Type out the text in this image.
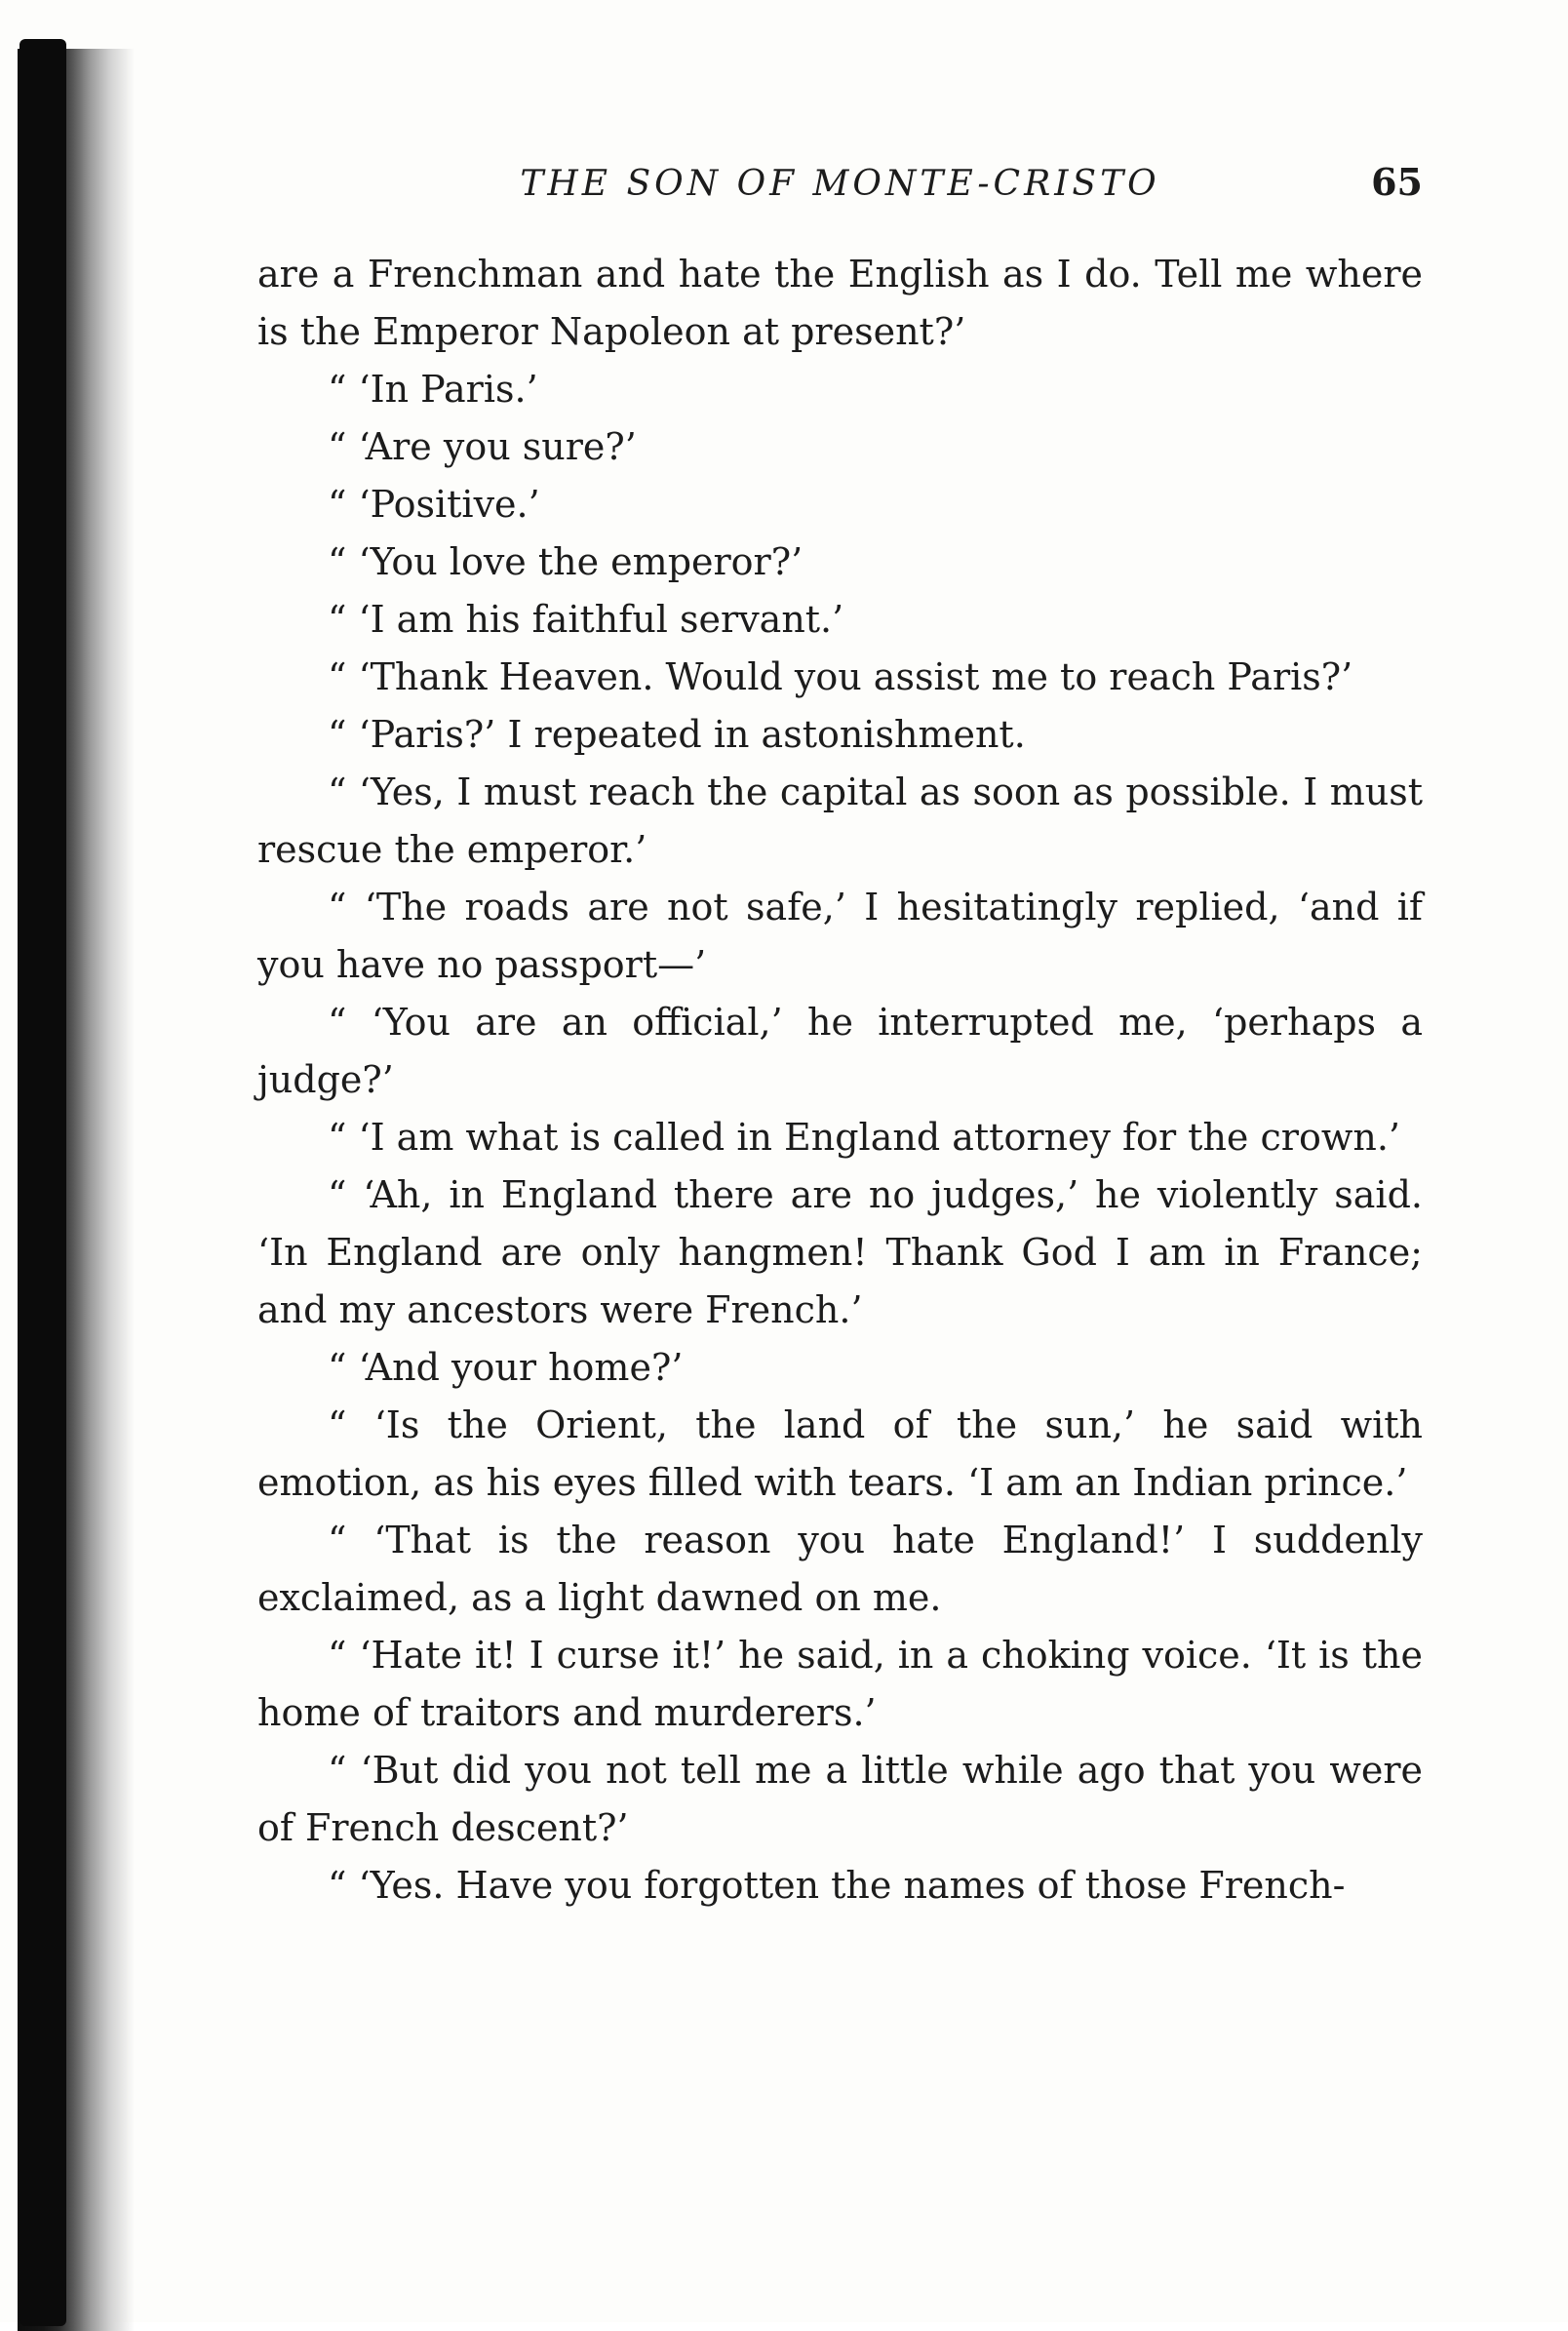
THE SON OF MONTE-CRISTO	65

are a Frenchman and hate the English as I do. Tell me where is the Emperor Napoleon at present?’

“ ‘In Paris.’

“ ‘Are you sure?’

“ ‘Positive.’

“ ‘You love the emperor?’

“ ‘I am his faithful servant.’

“ ‘Thank Heaven. Would you assist me to reach Paris?’

“ ‘Paris?’ I repeated in astonishment.

“ ‘Yes, I must reach the capital as soon as possible. I must rescue the emperor.’

“ ‘The roads are not safe,’ I hesitatingly replied, ‘and if you have no passport—’

“ ‘You are an official,’ he interrupted me, ‘perhaps a judge?’

“ ‘I am what is called in England attorney for the crown.’

“ ‘Ah, in England there are no judges,’ he violently said. ‘In England are only hangmen! Thank God I am in France; and my ancestors were French.’

“ ‘And your home?’

“ ‘Is the Orient, the land of the sun,’ he said with emotion, as his eyes filled with tears. ‘I am an Indian prince.’

“ ‘That is the reason you hate England!’ I suddenly exclaimed, as a light dawned on me.

“ ‘Hate it! I curse it!’ he said, in a choking voice. ‘It is the home of traitors and murderers.’

“ ‘But did you not tell me a little while ago that you were of French descent?’

“ ‘Yes. Have you forgotten the names of those French-
